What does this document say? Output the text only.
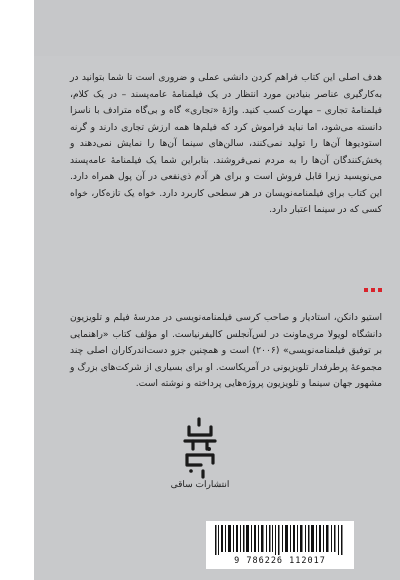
هدف اصلی این کتاب فراهم کردن دانشی عملی و ضروری است تا شما بتوانید در به‌کارگیری عناصر بنیادین مورد انتظار در یک فیلمنامهٔ عامه‌پسند – در یک کلام، فیلمنامهٔ تجاری – مهارت کسب کنید. واژهٔ «تجاری» گاه و بی‌گاه مترادف با ناسزا دانسته می‌شود، اما نباید فراموش کرد که فیلم‌ها همه ارزش تجاری دارند و گرنه استودیوها آن‌ها را تولید نمی‌کنند، سالن‌های سینما آن‌ها را نمایش نمی‌دهند و پخش‌کنندگان آن‌ها را به مردم نمی‌فروشند. بنابراین شما یک فیلمنامهٔ عامه‌پسند می‌نویسید زیرا قابل فروش است و برای هر آدم ذی‌نفعی در آن پول همراه دارد. این کتاب برای فیلمنامه‌نویسان در هر سطحی کاربرد دارد. خواه یک تازه‌کار، خواه کسی که در سینما اعتبار دارد.

استیو دانکن، استادیار و صاحب کرسی فیلمنامه‌نویسی در مدرسهٔ فیلم و تلویزیون دانشگاه لویولا مری‌ماونت در لس‌آنجلس کالیفرنیاست. او مؤلف کتاب «راهنمایی بر توفیق فیلمنامه‌نویسی» (۲۰۰۶) است و همچنین جزو دست‌اندرکاران اصلی چند مجموعهٔ پرطرفدار تلویزیونی در آمریکاست. او برای بسیاری از شرکت‌های بزرگ و مشهور جهان سینما و تلویزیون پروژه‌هایی پرداخته و نوشته است.

انتشارات ساقی
9 786226 112017
